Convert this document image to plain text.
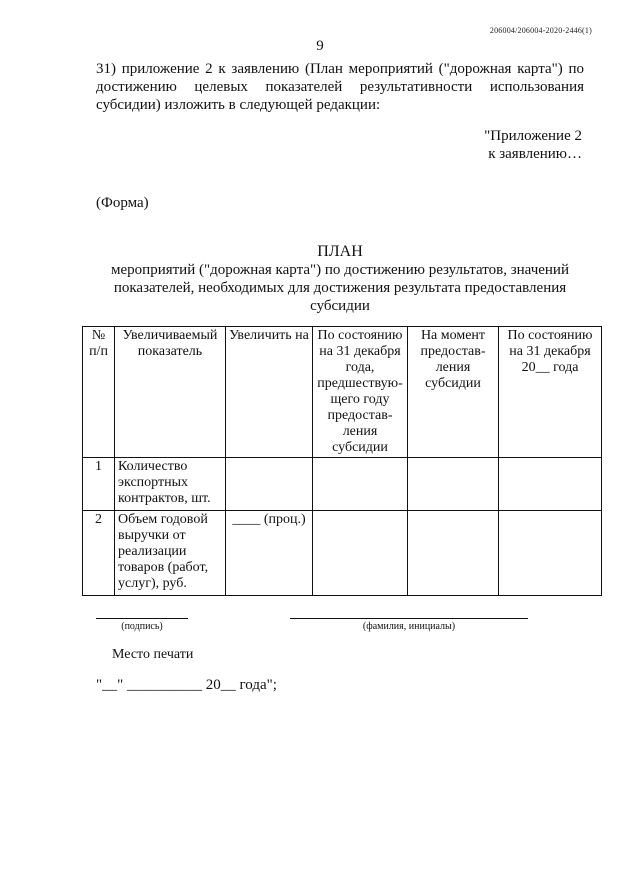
206004/206004-2020-2446(1)
9

31) приложение 2 к заявлению (План мероприятий ("дорожная карта") по достижению целевых показателей результативности использования субсидии) изложить в следующей редакции:

"Приложение 2
к заявлению…
(Форма)
ПЛАН
мероприятий ("дорожная карта") по достижению результатов, значений показателей, необходимых для достижения результата предоставления субсидии
№ п/п	Увеличиваемый показатель	Увеличить на	По состоянию на 31 декабря года, предшествую-щего году предостав-ления субсидии	На момент предостав-ления субсидии	По состоянию на 31 декабря 20__ года
1	Количество экспортных контрактов, шт.				
2	Объем годовой выручки от реализации товаров (работ, услуг), руб.	____ (проц.)			
(подпись)	(фамилия, инициалы)
Место печати
"__" __________ 20__ года";
